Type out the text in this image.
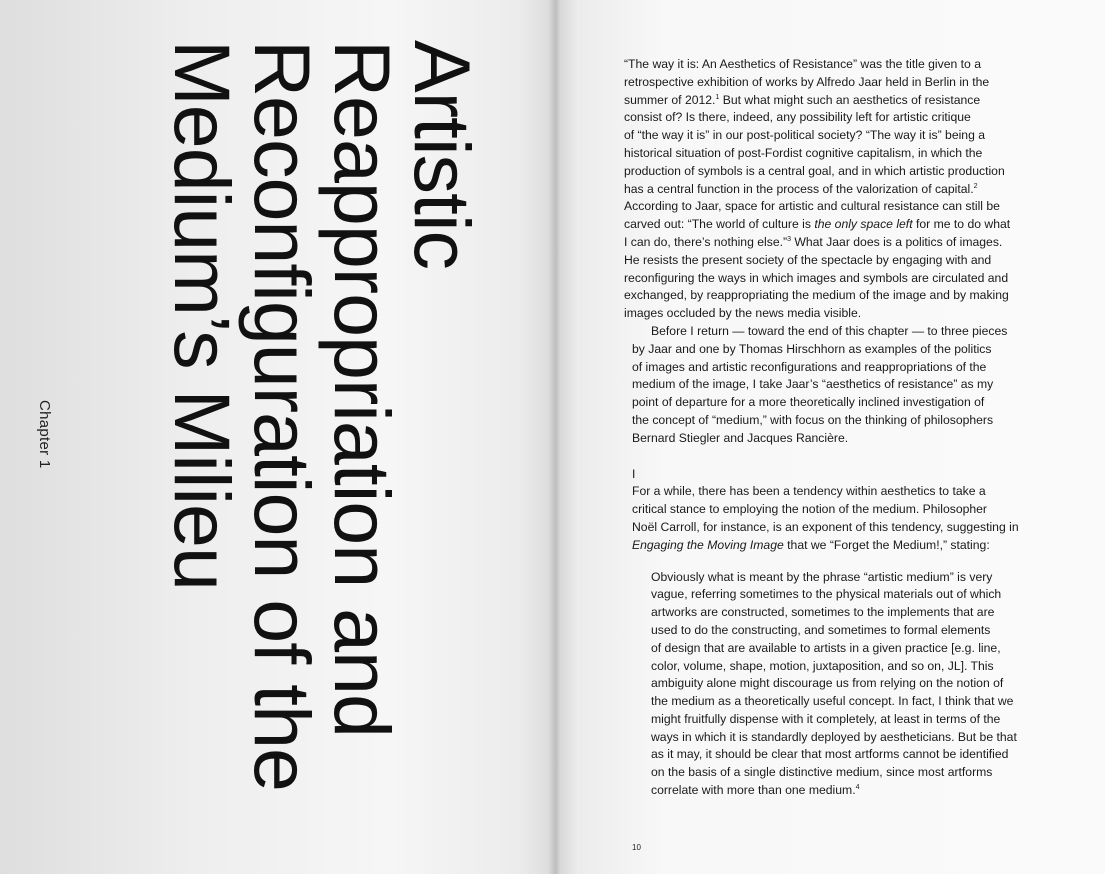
Artistic
Reappropriation and
Reconfiguration of the
Medium’s Milieu
Chapter 1

“The way it is: An Aesthetics of Resistance” was the title given to a
retrospective exhibition of works by Alfredo Jaar held in Berlin in the
summer of 2012.$^1$ But what might such an aesthetics of resistance
consist of? Is there, indeed, any possibility left for artistic critique
of “the way it is” in our post-political society? “The way it is” being a
historical situation of post-Fordist cognitive capitalism, in which the
production of symbols is a central goal, and in which artistic production
has a central function in the process of the valorization of capital.$^2$
According to Jaar, space for artistic and cultural resistance can still be
carved out: “The world of culture is the only space left for me to do what
I can do, there’s nothing else.”$^3$ What Jaar does is a politics of images.
He resists the present society of the spectacle by engaging with and
reconfiguring the ways in which images and symbols are circulated and
exchanged, by reappropriating the medium of the image and by making
images occluded by the news media visible.

Before I return — toward the end of this chapter — to three pieces
by Jaar and one by Thomas Hirschhorn as examples of the politics
of images and artistic reconfigurations and reappropriations of the
medium of the image, I take Jaar’s “aesthetics of resistance” as my
point of departure for a more theoretically inclined investigation of
the concept of “medium,” with focus on the thinking of philosophers
Bernard Stiegler and Jacques Rancière.

I

For a while, there has been a tendency within aesthetics to take a
critical stance to employing the notion of the medium. Philosopher
Noël Carroll, for instance, is an exponent of this tendency, suggesting in
Engaging the Moving Image that we “Forget the Medium!,” stating:

Obviously what is meant by the phrase “artistic medium” is very
vague, referring sometimes to the physical materials out of which
artworks are constructed, sometimes to the implements that are
used to do the constructing, and sometimes to formal elements
of design that are available to artists in a given practice [e.g. line,
color, volume, shape, motion, juxtaposition, and so on, JL]. This
ambiguity alone might discourage us from relying on the notion of
the medium as a theoretically useful concept. In fact, I think that we
might fruitfully dispense with it completely, at least in terms of the
ways in which it is standardly deployed by aestheticians. But be that
as it may, it should be clear that most artforms cannot be identified
on the basis of a single distinctive medium, since most artforms
correlate with more than one medium.$^4$
10
